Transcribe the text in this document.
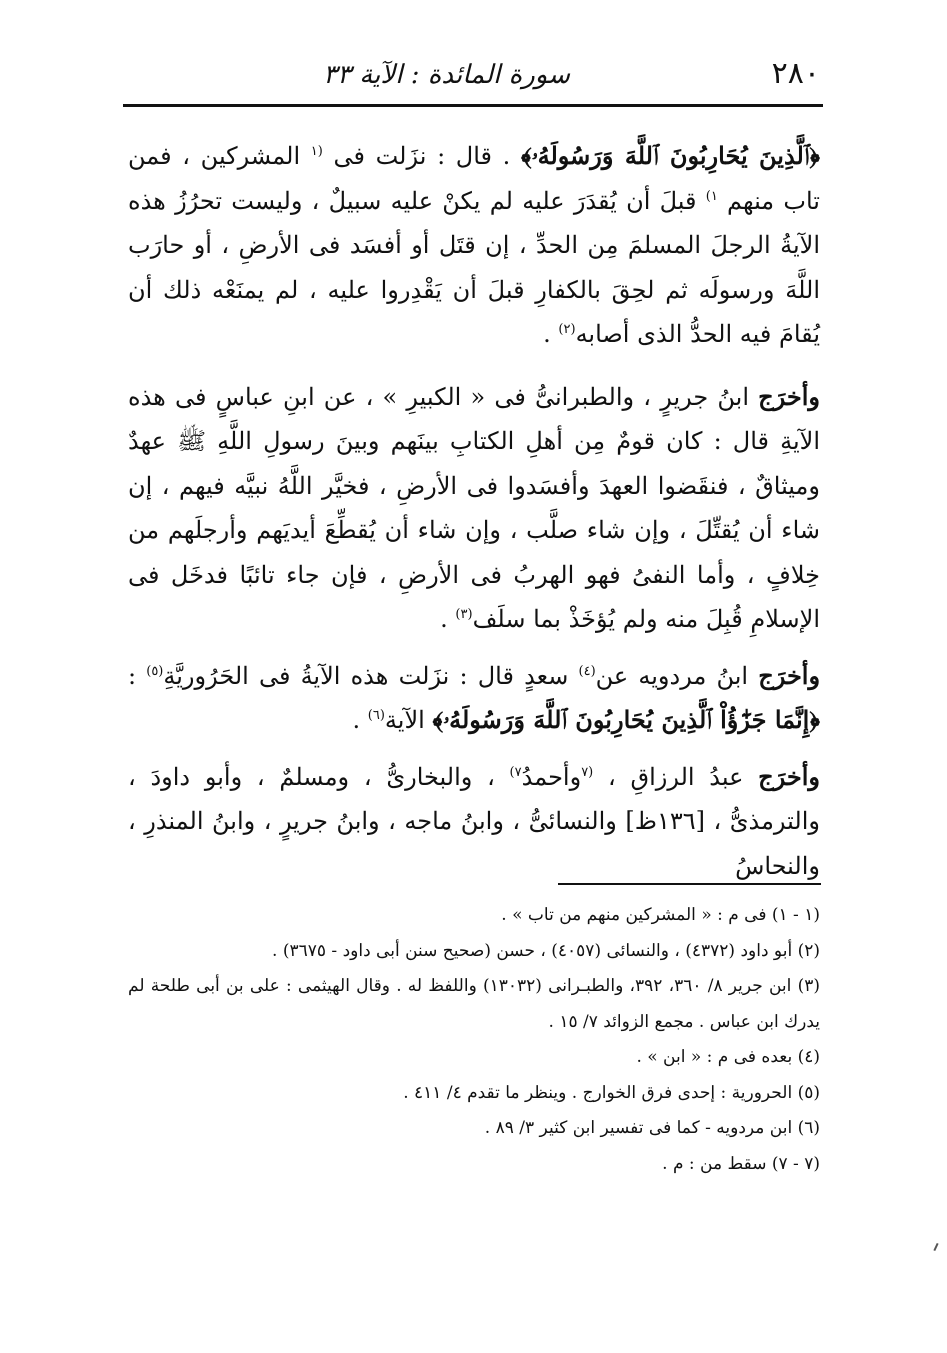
٢٨٠
سورة المائدة : الآية ٣٣

﴿ٱلَّذِينَ يُحَارِبُونَ ٱللَّهَ وَرَسُولَهُۥ﴾ . قال : نزَلت فى $^{(١}$ المشركين ، فمن تاب منهم $^{١)}$ قبلَ أن يُقدَرَ عليه لم يكنْ عليه سبيلٌ ، وليست تحرُزُ هذه الآيةُ الرجلَ المسلمَ مِن الحدِّ ، إن قتَل أو أفسَد فى الأرضِ ، أو حارَب اللَّهَ ورسولَه ثم لحِقَ بالكفارِ قبلَ أن يَقْدِروا عليه ، لم يمنَعْه ذلك أن يُقامَ فيه الحدُّ الذى أصابه$^{(٢)}$ .

وأخرَج ابنُ جريرٍ ، والطبرانىُّ فى « الكبيرِ » ، عن ابنِ عباسٍ فى هذه الآيةِ قال : كان قومٌ مِن أهلِ الكتابِ بينَهم وبينَ رسولِ اللَّهِ ﷺ عهدٌ وميثاقٌ ، فنقَضوا العهدَ وأفسَدوا فى الأرضِ ، فخيَّر اللَّهُ نبيَّه فيهم ، إن شاء أن يُقتِّلَ ، وإن شاء صلَّب ، وإن شاء أن يُقطِّعَ أيديَهم وأرجلَهم من خِلافٍ ، وأما النفىُ فهو الهربُ فى الأرضِ ، فإن جاء تائبًا فدخَل فى الإسلامِ قُبِلَ منه ولم يُؤخَذْ بما سلَف$^{(٣)}$ .

وأخرَج ابنُ مردويه عن$^{(٤)}$ سعدٍ قال : نزَلت هذه الآيةُ فى الحَرُوريَّةِ$^{(٥)}$ : ﴿إِنَّمَا جَزَٰٓؤُاْ ٱلَّذِينَ يُحَارِبُونَ ٱللَّهَ وَرَسُولَهُۥ﴾ الآية$^{(٦)}$ .

وأخرَج عبدُ الرزاقِ ، $^{(٧}$وأحمدُ$^{٧)}$ ، والبخارىُّ ، ومسلمٌ ، وأبو داودَ ، والترمذىُّ ، [١٣٦ظ] والنسائىُّ ، وابنُ ماجه ، وابنُ جريرٍ ، وابنُ المنذرِ ، والنحاسُ

(١ - ١) فى م : « المشركين منهم من تاب » .

(٢) أبو داود (٤٣٧٢) ، والنسائى (٤٠٥٧) ، حسن (صحيح سنن أبى داود - ٣٦٧٥) .

(٣) ابن جرير ٨/ ٣٦٠، ٣٩٢، والطبـرانى (١٣٠٣٢) واللفظ له . وقال الهيثمى : على بن أبى طلحة لم يدرك ابن عباس . مجمع الزوائد ٧/ ١٥ .

(٤) بعده فى م : « ابن » .

(٥) الحرورية : إحدى فرق الخوارج . وينظر ما تقدم ٤/ ٤١١ .

(٦) ابن مردويه - كما فى تفسير ابن كثير ٣/ ٨٩ .

(٧ - ٧) سقط من : م .
